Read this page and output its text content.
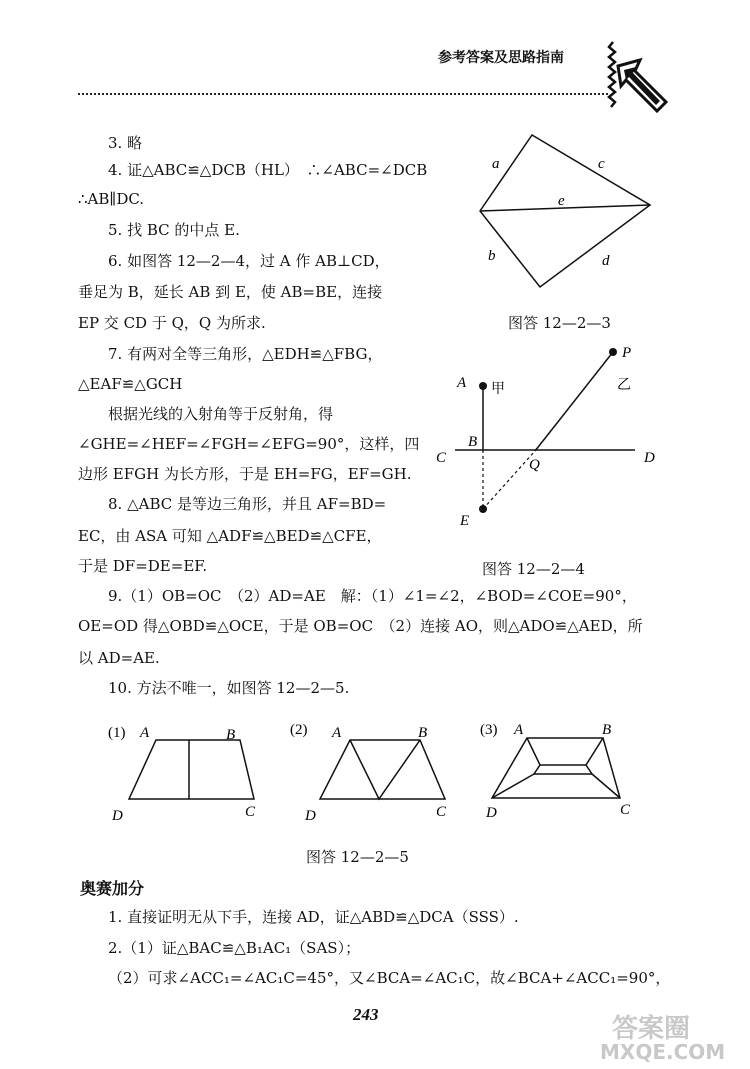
参考答案及思路指南
3. 略
4. 证△ABC≌△DCB（HL）　∴∠ABC=∠DCB
∴AB∥DC.
5. 找 BC 的中点 E.
6. 如图答 12—2—4，过 A 作 AB⊥CD，
垂足为 B，延长 AB 到 E，使 AB=BE，连接
EP 交 CD 于 Q，Q 为所求.
7. 有两对全等三角形，△EDH≌△FBG，
△EAF≌△GCH
根据光线的入射角等于反射角，得
∠GHE=∠HEF=∠FGH=∠EFG=90°，这样，四
边形 EFGH 为长方形，于是 EH=FG，EF=GH.
8. △ABC 是等边三角形，并且 AF=BD=
EC，由 ASA 可知 △ADF≌△BED≌△CFE，
于是 DF=DE=EF.
9.（1）OB=OC　（2）AD=AE　解：（1）∠1=∠2，∠BOD=∠COE=90°，
OE=OD 得△OBD≌△OCE，于是 OB=OC　（2）连接 AO，则△ADO≌△AED，所
以 AD=AE.
10. 方法不唯一，如图答 12—2—5.
a	c
e
b	d
图答 12—2—3
P
A 甲	乙
B
C	D
Q
E
图答 12—2—4
(1) A	B
C
D
(2) A	B
C
D
(3) A	B
C
D
图答 12—2—5
奥赛加分
1. 直接证明无从下手，连接 AD，证△ABD≌△DCA（SSS）.
2.（1）证△BAC≌△B₁AC₁（SAS）；
（2）可求∠ACC₁=∠AC₁C=45°，又∠BCA=∠AC₁C，故∠BCA+∠ACC₁=90°，
243	答案圈
MXQE.COM
